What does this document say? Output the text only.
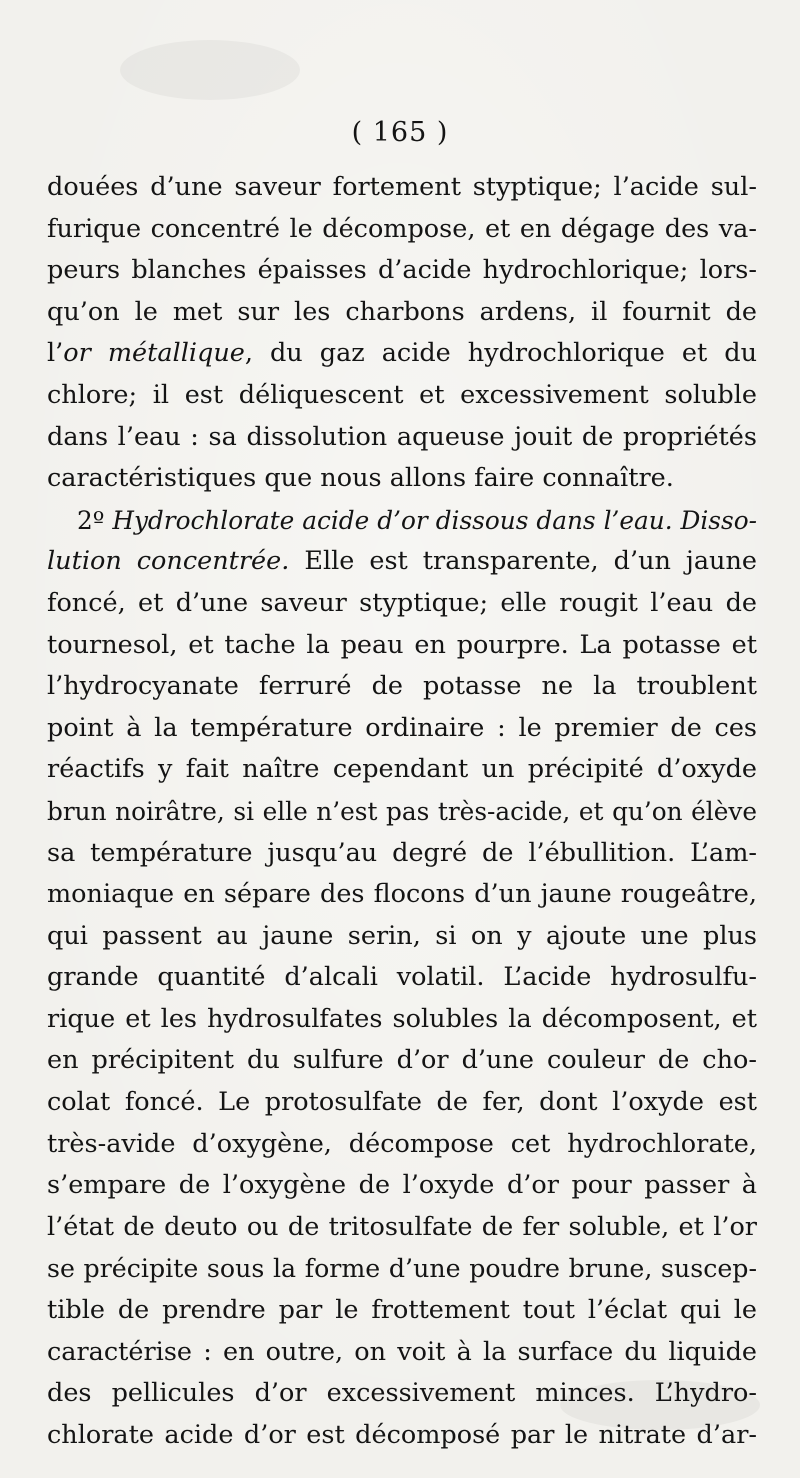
( 165 )
douées d’une saveur fortement styptique; l’acide sul-
furique concentré le décompose, et en dégage des va-
peurs blanches épaisses d’acide hydrochlorique; lors-
qu’on le met sur les charbons ardens, il fournit de
l’or métallique, du gaz acide hydrochlorique et du
chlore; il est déliquescent et excessivement soluble
dans l’eau : sa dissolution aqueuse jouit de propriétés
caractéristiques que nous allons faire connaître.
2º Hydrochlorate acide d’or dissous dans l’eau. Disso-
lution concentrée. Elle est transparente, d’un jaune
foncé, et d’une saveur styptique; elle rougit l’eau de
tournesol, et tache la peau en pourpre. La potasse et
l’hydrocyanate ferruré de potasse ne la troublent
point à la température ordinaire : le premier de ces
réactifs y fait naître cependant un précipité d’oxyde
brun noirâtre, si elle n’est pas très-acide, et qu’on élève
sa température jusqu’au degré de l’ébullition. L’am-
moniaque en sépare des flocons d’un jaune rougeâtre,
qui passent au jaune serin, si on y ajoute une plus
grande quantité d’alcali volatil. L’acide hydrosulfu-
rique et les hydrosulfates solubles la décomposent, et
en précipitent du sulfure d’or d’une couleur de cho-
colat foncé. Le protosulfate de fer, dont l’oxyde est
très-avide d’oxygène, décompose cet hydrochlorate,
s’empare de l’oxygène de l’oxyde d’or pour passer à
l’état de deuto ou de tritosulfate de fer soluble, et l’or
se précipite sous la forme d’une poudre brune, suscep-
tible de prendre par le frottement tout l’éclat qui le
caractérise : en outre, on voit à la surface du liquide
des pellicules d’or excessivement minces. L’hydro-
chlorate acide d’or est décomposé par le nitrate d’ar-
